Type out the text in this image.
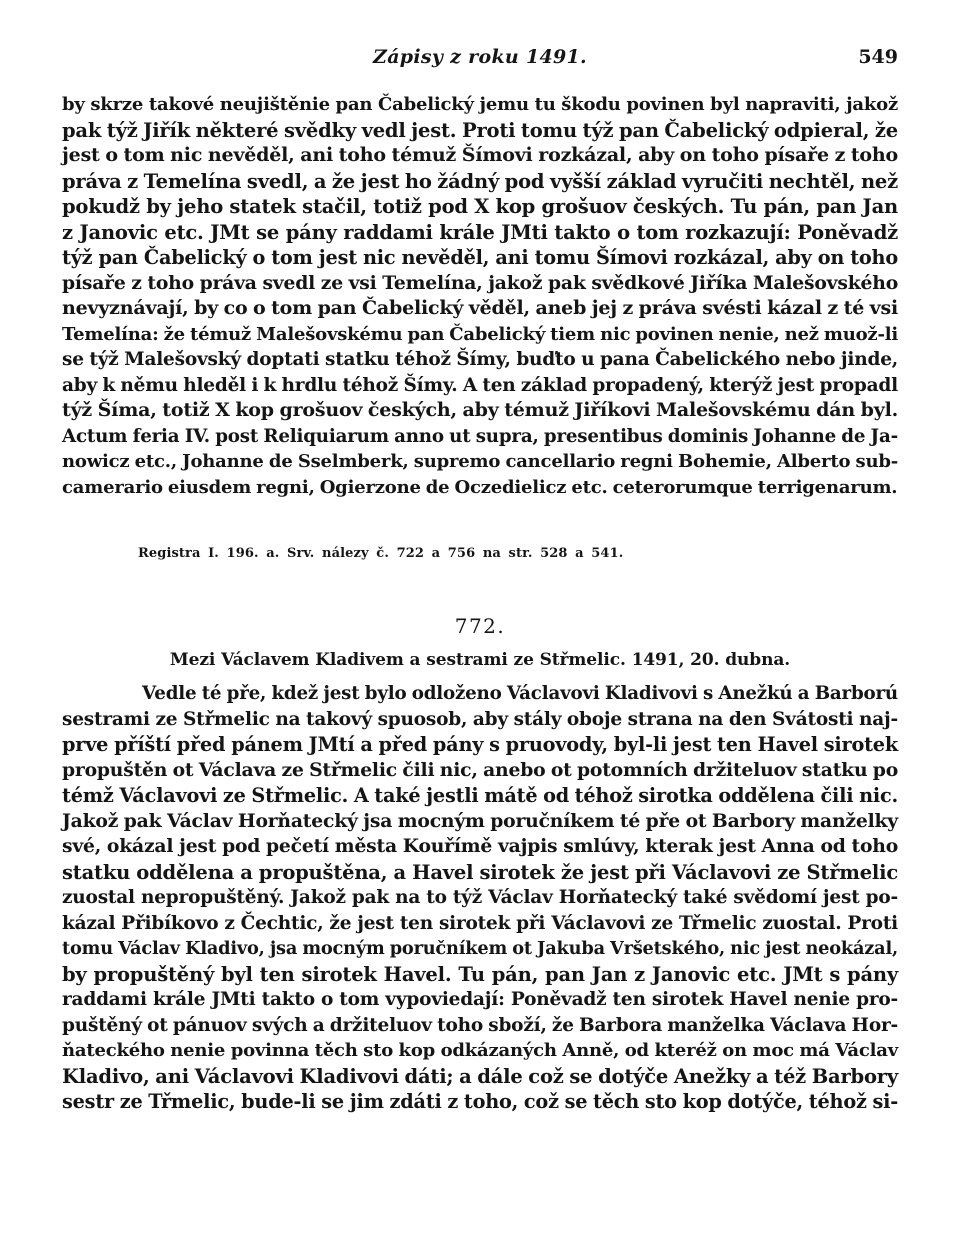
Zápisy z roku 1491.	549
by skrze takové neujištěnie pan Čabelický jemu tu škodu povinen byl napraviti, jakož
pak týž Jiřík některé svědky vedl jest. Proti tomu týž pan Čabelický odpieral, že
jest o tom nic nevěděl, ani toho témuž Šímovi rozkázal, aby on toho písaře z toho
práva z Temelína svedl, a že jest ho žádný pod vyšší základ vyručiti nechtěl, než
pokudž by jeho statek stačil, totiž pod X kop grošuov českých. Tu pán, pan Jan
z Janovic etc. JMt se pány raddami krále JMti takto o tom rozkazují: Poněvadž
týž pan Čabelický o tom jest nic nevěděl, ani tomu Šímovi rozkázal, aby on toho
písaře z toho práva svedl ze vsi Temelína, jakož pak svědkové Jiříka Malešovského
nevyznávají, by co o tom pan Čabelický věděl, aneb jej z práva svésti kázal z té vsi
Temelína: že témuž Malešovskému pan Čabelický tiem nic povinen nenie, než muož-li
se týž Malešovský doptati statku téhož Šímy, buďto u pana Čabelického nebo jinde,
aby k němu hleděl i k hrdlu téhož Šímy. A ten základ propadený, kterýž jest propadl
týž Šíma, totiž X kop grošuov českých, aby témuž Jiříkovi Malešovskému dán byl.
Actum feria IV. post Reliquiarum anno ut supra, presentibus dominis Johanne de Ja-
nowicz etc., Johanne de Sselmberk, supremo cancellario regni Bohemie, Alberto sub-
camerario eiusdem regni, Ogierzone de Oczedielicz etc. ceterorumque terrigenarum.
Registra I. 196. a. Srv. nálezy č. 722 a 756 na str. 528 a 541.
772.
Mezi Václavem Kladivem a sestrami ze Střmelic. 1491, 20. dubna.
Vedle té pře, kdež jest bylo odloženo Václavovi Kladivovi s Anežkú a Barború
sestrami ze Střmelic na takový spuosob, aby stály oboje strana na den Svátosti naj-
prve příští před pánem JMtí a před pány s pruovody, byl-li jest ten Havel sirotek
propuštěn ot Václava ze Střmelic čili nic, anebo ot potomních držiteluov statku po
témž Václavovi ze Střmelic. A také jestli mátě od téhož sirotka oddělena čili nic.
Jakož pak Václav Horňatecký jsa mocným poručníkem té pře ot Barbory manželky
své, okázal jest pod pečetí města Kouřímě vajpis smlúvy, kterak jest Anna od toho
statku oddělena a propuštěna, a Havel sirotek že jest při Václavovi ze Střmelic
zuostal nepropuštěný. Jakož pak na to týž Václav Horňatecký také svědomí jest po-
kázal Přibíkovo z Čechtic, že jest ten sirotek při Václavovi ze Třmelic zuostal. Proti
tomu Václav Kladivo, jsa mocným poručníkem ot Jakuba Vršetského, nic jest neokázal,
by propuštěný byl ten sirotek Havel. Tu pán, pan Jan z Janovic etc. JMt s pány
raddami krále JMti takto o tom vypoviedají: Poněvadž ten sirotek Havel nenie pro-
puštěný ot pánuov svých a držiteluov toho sboží, že Barbora manželka Václava Hor-
ňateckého nenie povinna těch sto kop odkázaných Anně, od kteréž on moc má Václav
Kladivo, ani Václavovi Kladivovi dáti; a dále což se dotýče Anežky a též Barbory
sestr ze Třmelic, bude-li se jim zdáti z toho, což se těch sto kop dotýče, téhož si-
